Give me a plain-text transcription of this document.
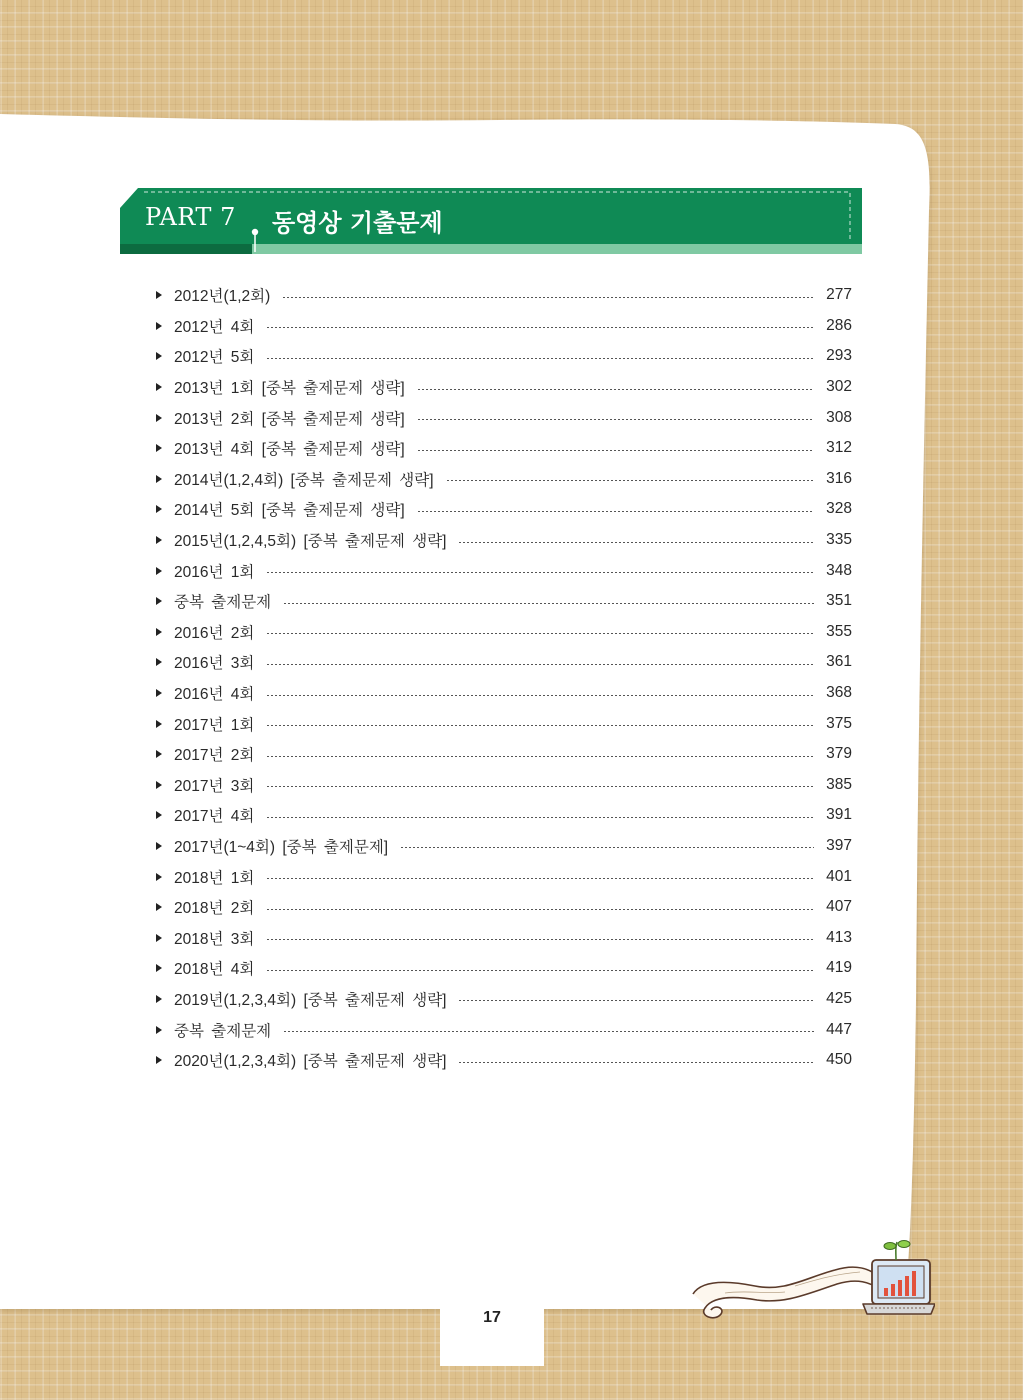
PART 7 동영상 기출문제
2012년(1,2회)	277
2012년 4회	286
2012년 5회	293
2013년 1회 [중복 출제문제 생략]	302
2013년 2회 [중복 출제문제 생략]	308
2013년 4회 [중복 출제문제 생략]	312
2014년(1,2,4회) [중복 출제문제 생략]	316
2014년 5회 [중복 출제문제 생략]	328
2015년(1,2,4,5회) [중복 출제문제 생략]	335
2016년 1회	348
중복 출제문제	351
2016년 2회	355
2016년 3회	361
2016년 4회	368
2017년 1회	375
2017년 2회	379
2017년 3회	385
2017년 4회	391
2017년(1~4회) [중복 출제문제]	397
2018년 1회	401
2018년 2회	407
2018년 3회	413
2018년 4회	419
2019년(1,2,3,4회) [중복 출제문제 생략]	425
중복 출제문제	447
2020년(1,2,3,4회) [중복 출제문제 생략]	450
17
